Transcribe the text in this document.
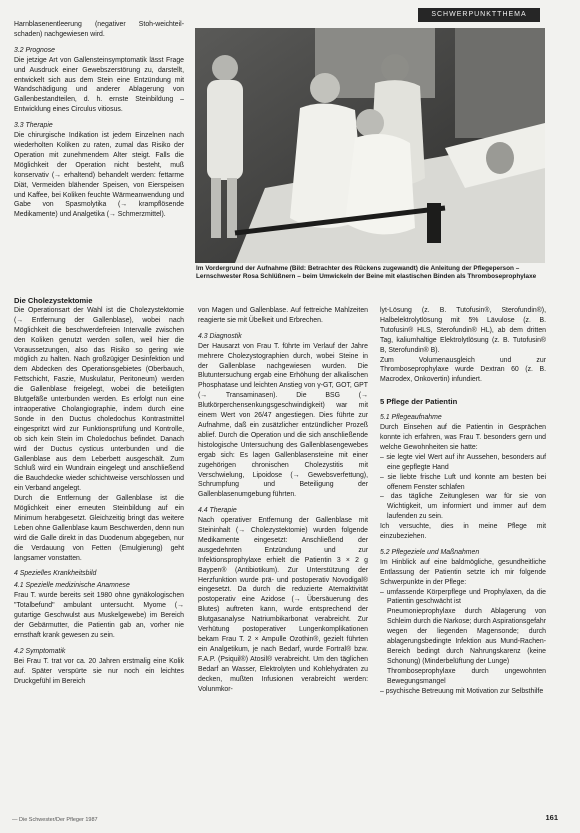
SCHWERPUNKTTHEMA
Im Vordergrund der Aufnahme (Bild: Betrachter des Rückens zugewandt) die Anleitung der Pflegeperson – Lernschwester Rosa Schlüßnern – beim Umwickeln der Beine mit elastischen Binden als Thromboseprophylaxe

Harnblasenentleerung (negativer Stoh-weichteilschaden) nachgewiesen wird.

3.2 Prognose

Die jetzige Art von Gallensteinsymptomatik lässt Frage und Ausdruck einer Gewebszerstörung zu, darstellt, entwickelt sich aus dem Stein eine Entzündung mit Wandschädigung und anderer Ablagerung von Gallenbestandteilen, d. h. ernste Steinbildung – Entwicklung eines Circulus vitiosus.

3.3 Therapie

Die chirurgische Indikation ist jedem Einzelnen nach wiederholten Koliken zu raten, zumal das Risiko der Operation mit zunehmendem Alter steigt. Falls die Möglichkeit der Operation nicht besteht, muß konservativ (→ erhaltend) behandelt werden: fettarme Diät, Vermeiden blähender Speisen, von Eierspeisen und Kaffee, bei Koliken feuchte Wärmeanwendung und Gabe von Spasmolytika (→ krampflösende Medikamente) und Analgetika (→ Schmerzmittel).

Die Cholezystektomie

Die Operationsart der Wahl ist die Cholezystektomie (→ Entfernung der Gallenblase), wobei nach Möglichkeit die beschwerdefreien Intervalle zwischen den Koliken genutzt werden sollen, weil hier die Voraussetzungen, also das Risiko so gering wie möglich zu halten. Nach großzügiger Desinfektion und dem Abdecken des Operationsgebietes (Oberbauch, Fettschicht, Faszie, Muskulatur, Peritoneum) werden die Gallenblase freigelegt, wobei die beteiligten Blutgefäße unterbunden werden. Es erfolgt nun eine intraoperative Cholangiographie, indem durch eine Sonde in den Ductus choledochus Kontrastmittel eingespritzt wird zur Funktionsprüfung und Kontrolle, ob sich kein Stein im Choledochus befindet. Danach wird der Ductus cysticus unterbunden und die Gallenblase aus dem Leberbett ausgeschält. Zum Schluß wird ein Wundrain eingelegt und anschließend die Bauchdecke wieder schichtweise verschlossen und ein Verband angelegt.

Durch die Entfernung der Gallenblase ist die Möglichkeit einer erneuten Steinbildung auf ein Minimum herabgesetzt. Gleichzeitig bringt das weitere Leben ohne Gallenblase kaum Beschwerden, denn nun wird die Galle direkt in das Duodenum abgegeben, nur die Verdauung von Fetten (Emulgierung) geht langsamer vonstatten.

4 Spezielles Krankheitsbild

4.1 Spezielle medizinische Anamnese

Frau T. wurde bereits seit 1980 ohne gynäkologischen "Totalbefund" ambulant untersucht. Myome (→ gutartige Geschwulst aus Muskelgewebe) im Bereich der Gebärmutter, die Patientin gab an, vorher nie ernsthaft krank gewesen zu sein.

4.2 Symptomatik

Bei Frau T. trat vor ca. 20 Jahren erstmalig eine Kolik auf. Später verspürte sie nur noch ein leichtes Druckgefühl im Bereich

von Magen und Gallenblase. Auf fettreiche Mahlzeiten reagierte sie mit Übelkeit und Erbrechen.

4.3 Diagnostik

Der Hausarzt von Frau T. führte im Verlauf der Jahre mehrere Cholezystographien durch, wobei Steine in der Gallenblase nachgewiesen wurden. Die Blutuntersuchung ergab eine Erhöhung der alkalischen Phosphatase und leichten Anstieg von γ-GT, GOT, GPT (→ Transaminasen). Die BSG (→ Blutkörperchensenkungsgeschwindigkeit) war mit einem Wert von 26/47 angestiegen. Dies führte zur Aufnahme, daß ein zusätzlicher entzündlicher Prozeß ablief. Durch die Operation und die sich anschließende histologische Untersuchung des Gallenblasengewebes ergab sich: Es lagen Gallenblasensteine mit einer zugehörigen chronischen Cholezystitis mit Verschwielung, Lipoidose (→ Gewebsverfettung), Schrumpfung und Beteiligung der Gallenblasenumgebung führten.

4.4 Therapie

Nach operativer Entfernung der Gallenblase mit Steininhalt (→ Cholezystektomie) wurden folgende Medikamente eingesetzt: Anschließend der ausgedehnten Entzündung und zur Infektionsprophylaxe erhielt die Patientin 3 × 2 g Baypen® (Antibiotikum). Zur Unterstützung der Herzfunktion wurde prä- und postoperativ Novodigal® eingesetzt. Da durch die reduzierte Atemaktivität postoperativ eine Azidose (→ Übersäuerung des Blutes) auftreten kann, wurde entsprechend der Blutgasanalyse Natriumbikarbonat verabreicht. Zur Verhütung postoperativer Lungenkomplikationen bekam Frau T. 2 × Ampulle Ozothin®, gezielt führten ein Analgetikum, je nach Bedarf, wurde Fortral® bzw. F.A.P. (Psiquil®) Atosil® verabreicht. Um den täglichen Bedarf an Wasser, Elektrolyten und Kohlehydraten zu decken, mußten Infusionen verabreicht werden: Volunmkor-

lyt-Lösung (z. B. Tutofusin®, Sterofundin®), Halbelektrolytlösung mit 5% Lävulose (z. B. Tutofusin® HLS, Sterofundin® HL), ab dem dritten Tag, kaliumhaltige Elektrolytlösung (z. B. Tutofusin® B, Sterofundin® B).

Zum Volumenausgleich und zur Thromboseprophylaxe wurde Dextran 60 (z. B. Macrodex, Onkovertin) infundiert.

5 Pflege der Patientin

5.1 Pflegeaufnahme

Durch Einsehen auf die Patientin in Gesprächen konnte ich erfahren, was Frau T. besonders gern und welche Gewohnheiten sie hatte:

– sie legte viel Wert auf ihr Aussehen, besonders auf eine gepflegte Hand

– sie liebte frische Luft und konnte am besten bei offenem Fenster schlafen

– das tägliche Zeitunglesen war für sie von Wichtigkeit, um informiert und immer auf dem laufenden zu sein.

Ich versuchte, dies in meine Pflege mit einzubeziehen.

5.2 Pflegeziele und Maßnahmen

Im Hinblick auf eine baldmögliche, gesundheitliche Entlassung der Patientin setzte ich mir folgende Schwerpunkte in der Pflege:

– umfassende Körperpflege und Prophylaxen, da die Patientin geschwächt ist

Pneumonieprophylaxe durch Ablagerung von Schleim durch die Narkose; durch Aspirationsgefahr wegen der liegenden Magensonde; durch ablagerungsbedingte Infektion aus Mund-Rachen-Bereich bedingt durch Nahrungskarenz (keine Schonung) (Minderbelüftung der Lunge)

Thromboseprophylaxe durch ungewohnten Bewegungsmangel

– psychische Betreuung mit Motivation zur Selbsthilfe

— Die Schwester/Der Pfleger 1987	161
